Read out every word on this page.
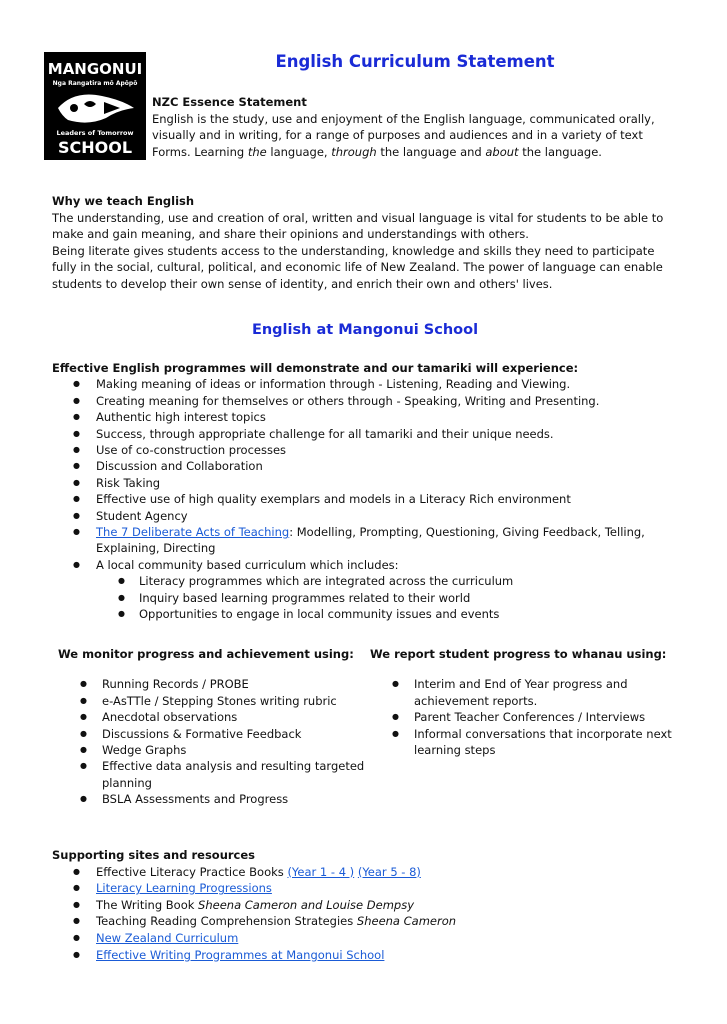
MANGONUI
Nga Rangatira mō Apōpō
Leaders of Tomorrow
SCHOOL
English Curriculum Statement
NZC Essence Statement
English is the study, use and enjoyment of the English language, communicated orally,
visually and in writing, for a range of purposes and audiences and in a variety of text
Forms. Learning the language, through the language and about the language.
Why we teach English
The understanding, use and creation of oral, written and visual language is vital for students to be able to make and gain meaning, and share their opinions and understandings with others.
Being literate gives students access to the understanding, knowledge and skills they need to participate fully in the social, cultural, political, and economic life of New Zealand. The power of language can enable students to develop their own sense of identity, and enrich their own and others' lives.
English at Mangonui School
Effective English programmes will demonstrate and our tamariki will experience:
● Making meaning of ideas or information through - Listening, Reading and Viewing.
● Creating meaning for themselves or others through - Speaking, Writing and Presenting.
● Authentic high interest topics
● Success, through appropriate challenge for all tamariki and their unique needs.
● Use of co-construction processes
● Discussion and Collaboration
● Risk Taking
● Effective use of high quality exemplars and models in a Literacy Rich environment
● Student Agency
● The 7 Deliberate Acts of Teaching: Modelling, Prompting, Questioning, Giving Feedback, Telling, Explaining, Directing
● A local community based curriculum which includes:
● Literacy programmes which are integrated across the curriculum
● Inquiry based learning programmes related to their world
● Opportunities to engage in local community issues and events
We monitor progress and achievement using:
● Running Records / PROBE
● e-AsTTle / Stepping Stones writing rubric
● Anecdotal observations
● Discussions & Formative Feedback
● Wedge Graphs
● Effective data analysis and resulting targeted planning
● BSLA Assessments and Progress
We report student progress to whanau using:
● Interim and End of Year progress and achievement reports.
● Parent Teacher Conferences / Interviews
● Informal conversations that incorporate next learning steps
Supporting sites and resources
● Effective Literacy Practice Books (Year 1 - 4 ) (Year 5 - 8)
● Literacy Learning Progressions
● The Writing Book Sheena Cameron and Louise Dempsy
● Teaching Reading Comprehension Strategies Sheena Cameron
● New Zealand Curriculum
● Effective Writing Programmes at Mangonui School
